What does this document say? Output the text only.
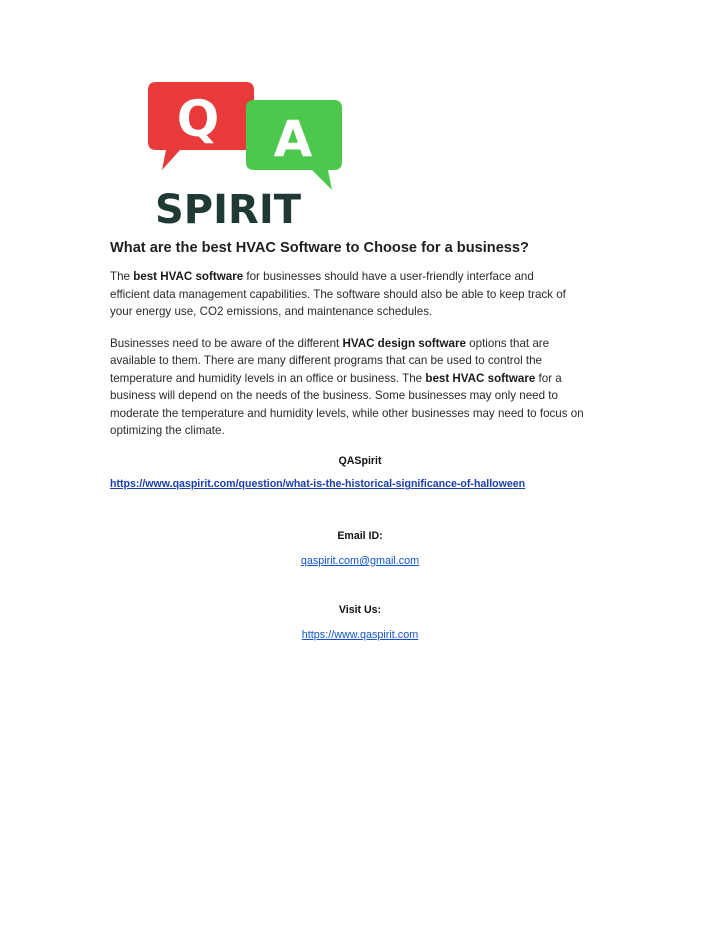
Q A
SPIRIT
What are the best HVAC Software to Choose for a business?
The best HVAC software for businesses should have a user-friendly interface and
efficient data management capabilities. The software should also be able to keep track of
your energy use, CO2 emissions, and maintenance schedules.
Businesses need to be aware of the different HVAC design software options that are
available to them. There are many different programs that can be used to control the
temperature and humidity levels in an office or business. The best HVAC software for a
business will depend on the needs of the business. Some businesses may only need to
moderate the temperature and humidity levels, while other businesses may need to focus on
optimizing the climate.
QASpirit
https://www.qaspirit.com/question/what-is-the-historical-significance-of-halloween
Email ID:
qaspirit.com@gmail.com
Visit Us:
https://www.qaspirit.com
